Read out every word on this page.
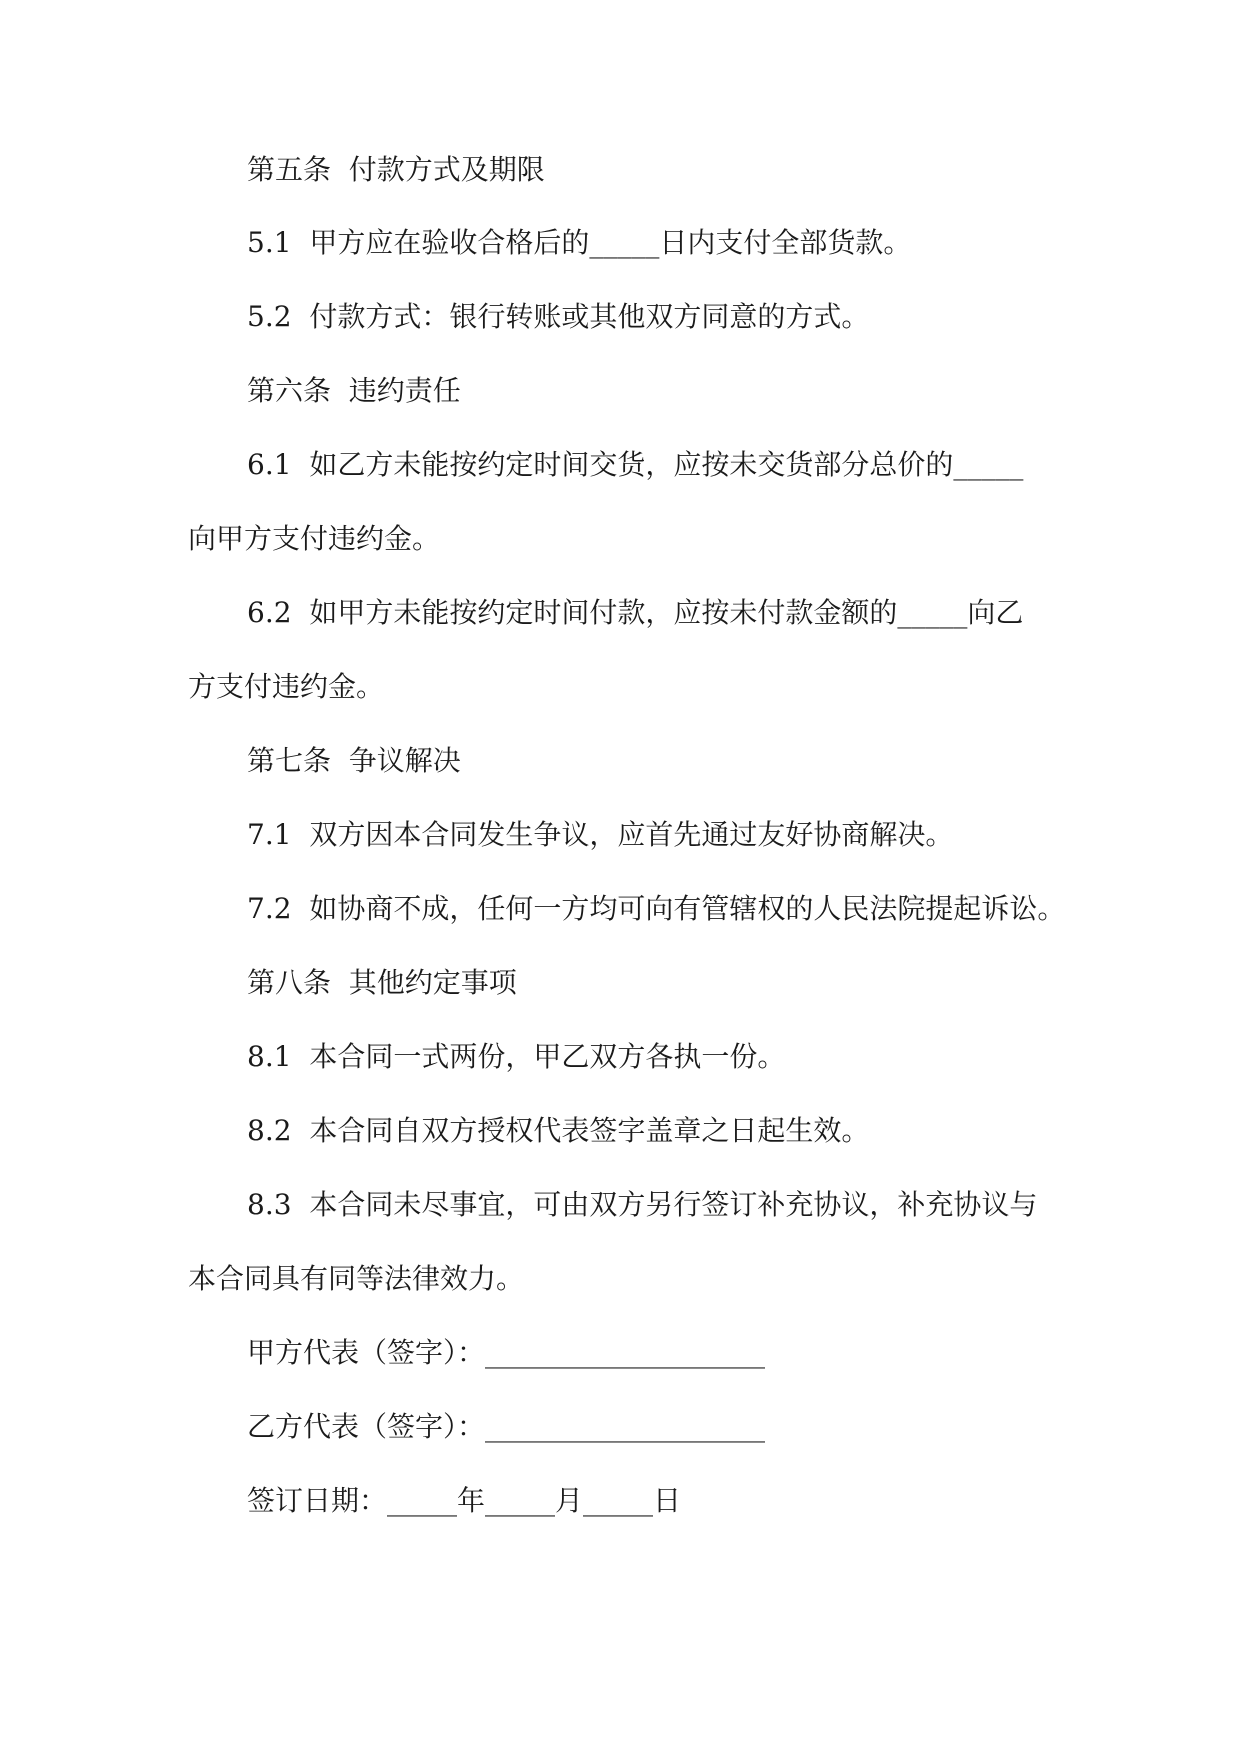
第五条  付款方式及期限

5.1  甲方应在验收合格后的_____日内支付全部货款。

5.2  付款方式：银行转账或其他双方同意的方式。

第六条  违约责任

6.1  如乙方未能按约定时间交货，应按未交货部分总价的_____

向甲方支付违约金。

6.2  如甲方未能按约定时间付款，应按未付款金额的_____向乙

方支付违约金。

第七条  争议解决

7.1  双方因本合同发生争议，应首先通过友好协商解决。

7.2  如协商不成，任何一方均可向有管辖权的人民法院提起诉讼。

第八条  其他约定事项

8.1  本合同一式两份，甲乙双方各执一份。

8.2  本合同自双方授权代表签字盖章之日起生效。

8.3  本合同未尽事宜，可由双方另行签订补充协议，补充协议与

本合同具有同等法律效力。

甲方代表（签字）：____________________

乙方代表（签字）：____________________

签订日期：_____年_____月_____日
